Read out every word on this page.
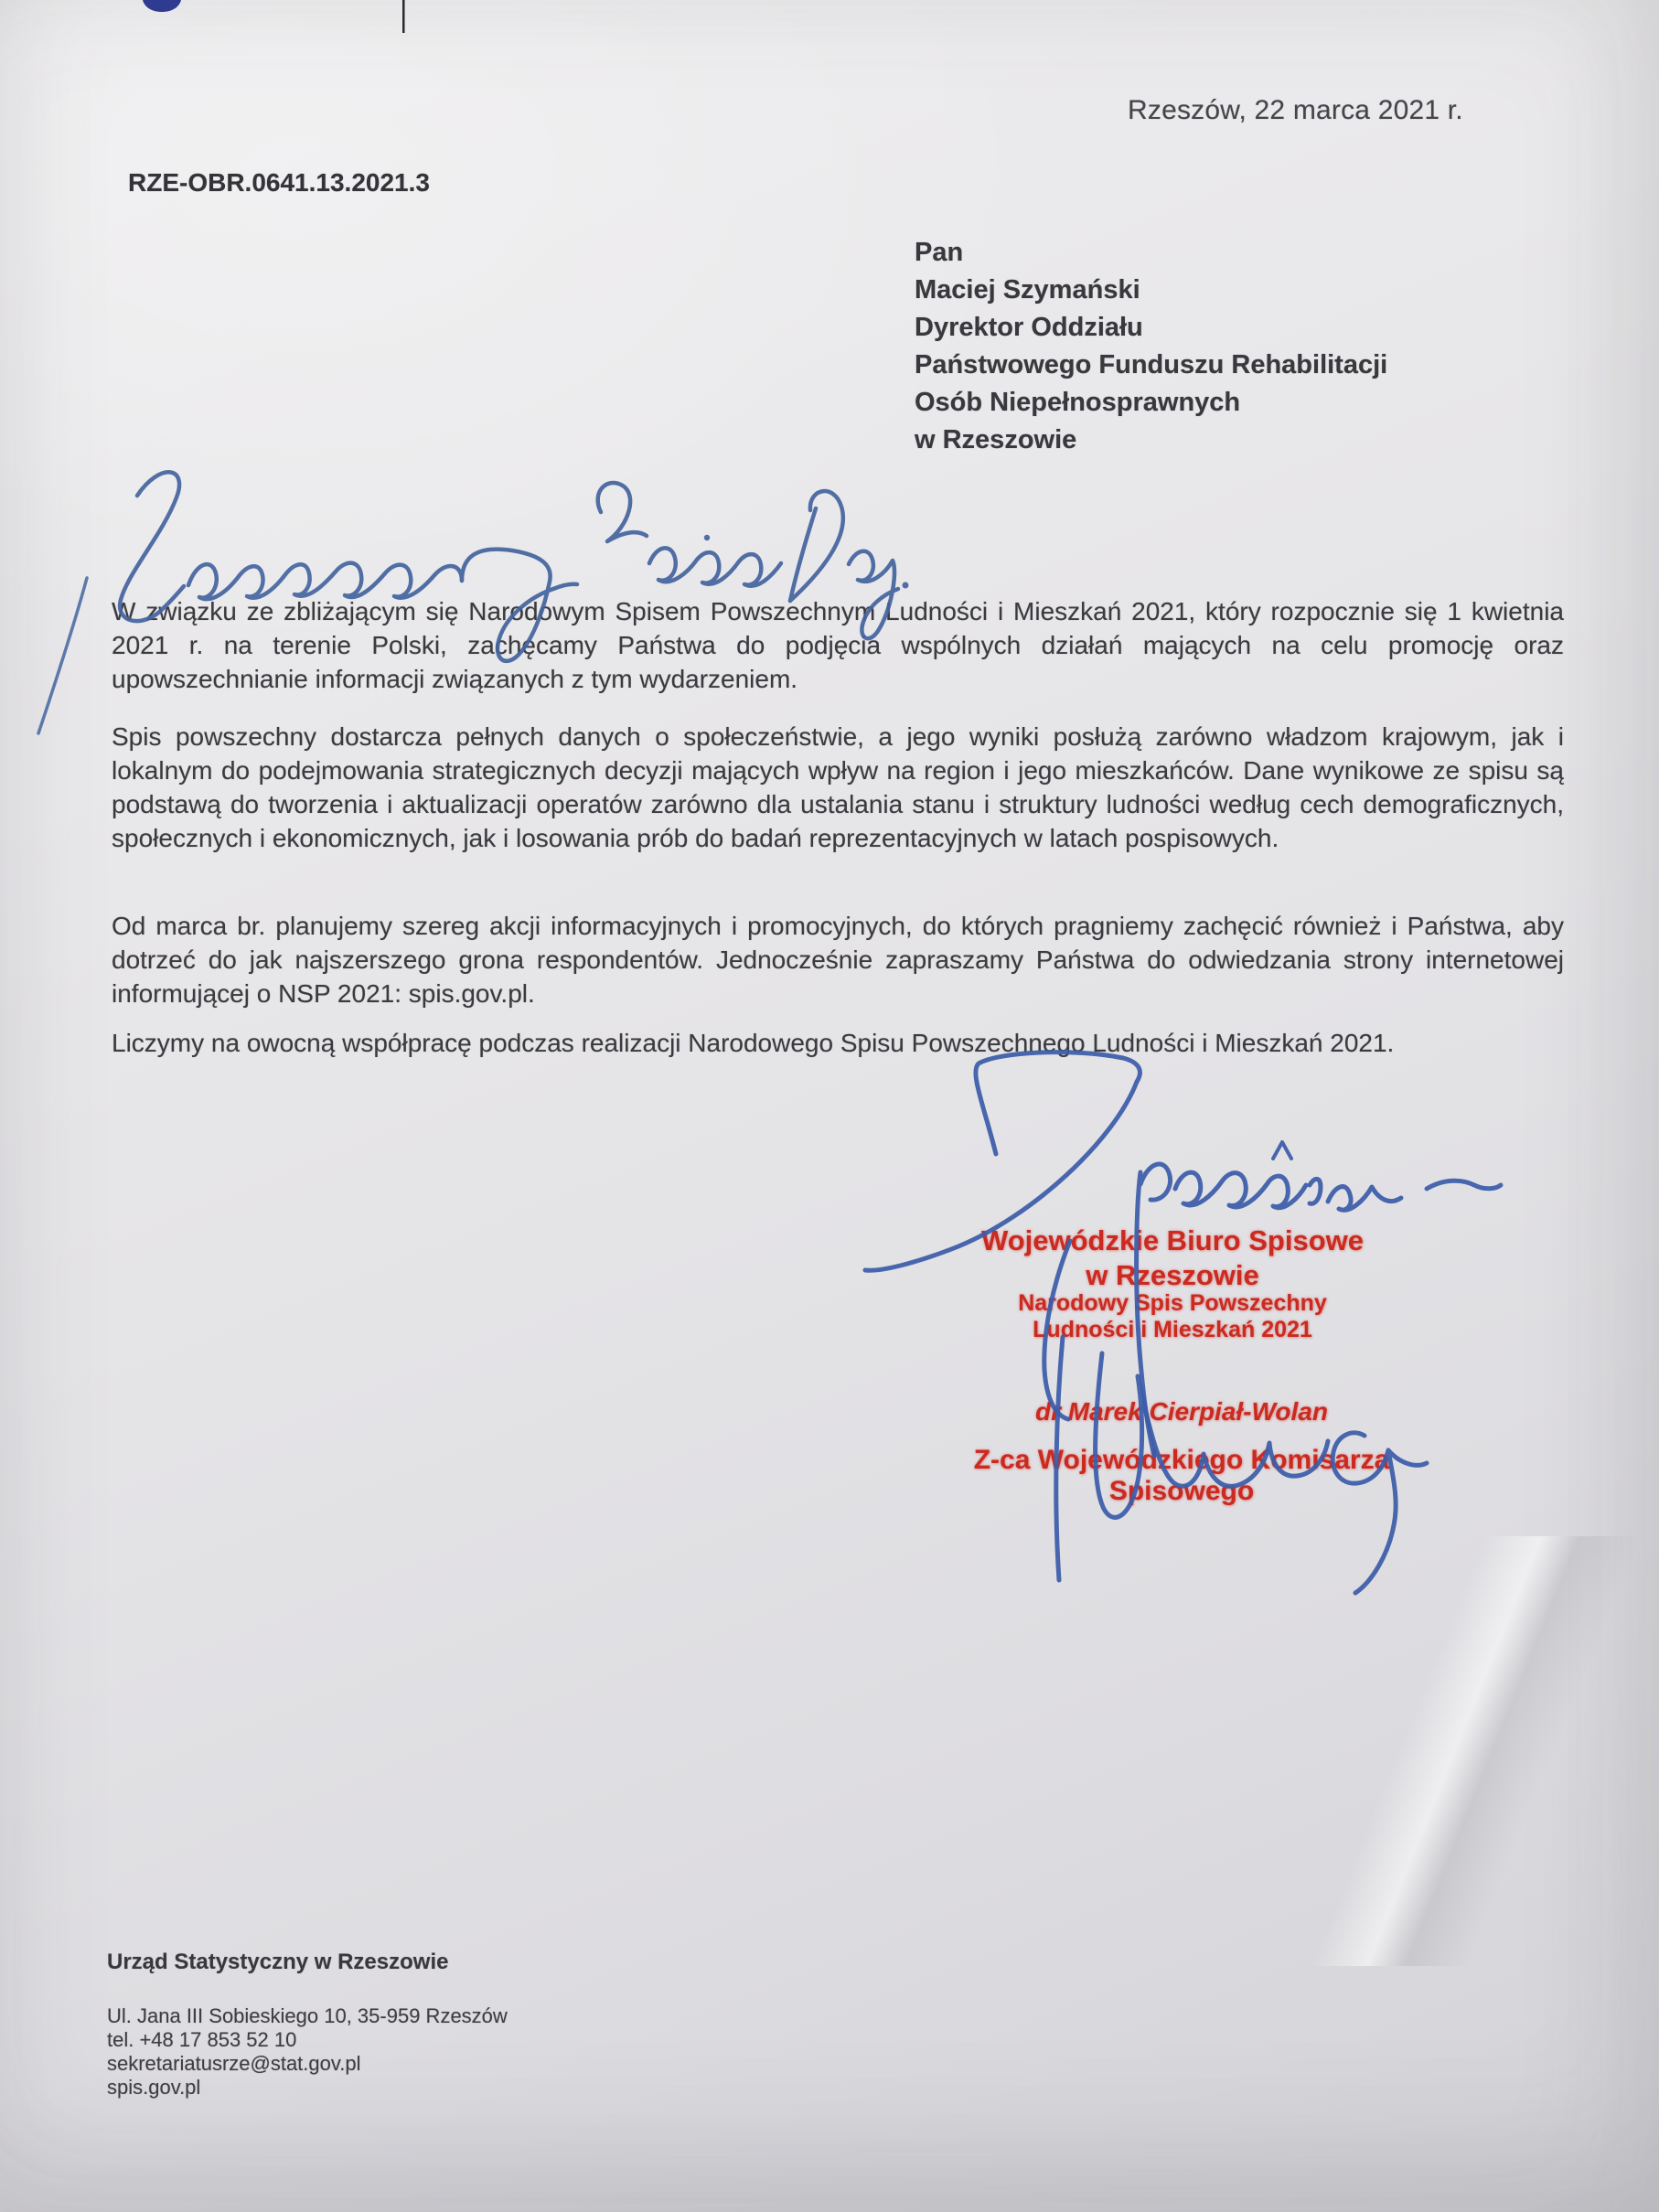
Rzeszów, 22 marca 2021 r.
RZE-OBR.0641.13.2021.3
Pan
Maciej Szymański
Dyrektor Oddziału
Państwowego Funduszu Rehabilitacji
Osób Niepełnosprawnych
w Rzeszowie
W związku ze zbliżającym się Narodowym Spisem Powszechnym Ludności i Mieszkań 2021, który rozpocznie się 1 kwietnia 2021 r. na terenie Polski, zachęcamy Państwa do podjęcia wspólnych działań mających na celu promocję oraz upowszechnianie informacji związanych z tym wydarzeniem.
Spis powszechny dostarcza pełnych danych o społeczeństwie, a jego wyniki posłużą zarówno władzom krajowym, jak i lokalnym do podejmowania strategicznych decyzji mających wpływ na region i jego mieszkańców. Dane wynikowe ze spisu są podstawą do tworzenia i aktualizacji operatów zarówno dla ustalania stanu i struktury ludności według cech demograficznych, społecznych i ekonomicznych, jak i losowania prób do badań reprezentacyjnych w latach pospisowych.
Od marca br. planujemy szereg akcji informacyjnych i promocyjnych, do których pragniemy zachęcić również i Państwa, aby dotrzeć do jak najszerszego grona respondentów. Jednocześnie zapraszamy Państwa do odwiedzania strony internetowej informującej o NSP 2021: spis.gov.pl.
Liczymy na owocną współpracę podczas realizacji Narodowego Spisu Powszechnego Ludności i Mieszkań 2021.
Wojewódzkie Biuro Spisowe
w Rzeszowie
Narodowy Spis Powszechny
Ludności i Mieszkań 2021
dr Marek Cierpiał-Wolan
Z-ca Wojewódzkiego Komisarza Spisowego
Urząd Statystyczny w Rzeszowie
Ul. Jana III Sobieskiego 10, 35-959 Rzeszów
tel. +48 17 853 52 10
sekretariatusrze@stat.gov.pl
spis.gov.pl
